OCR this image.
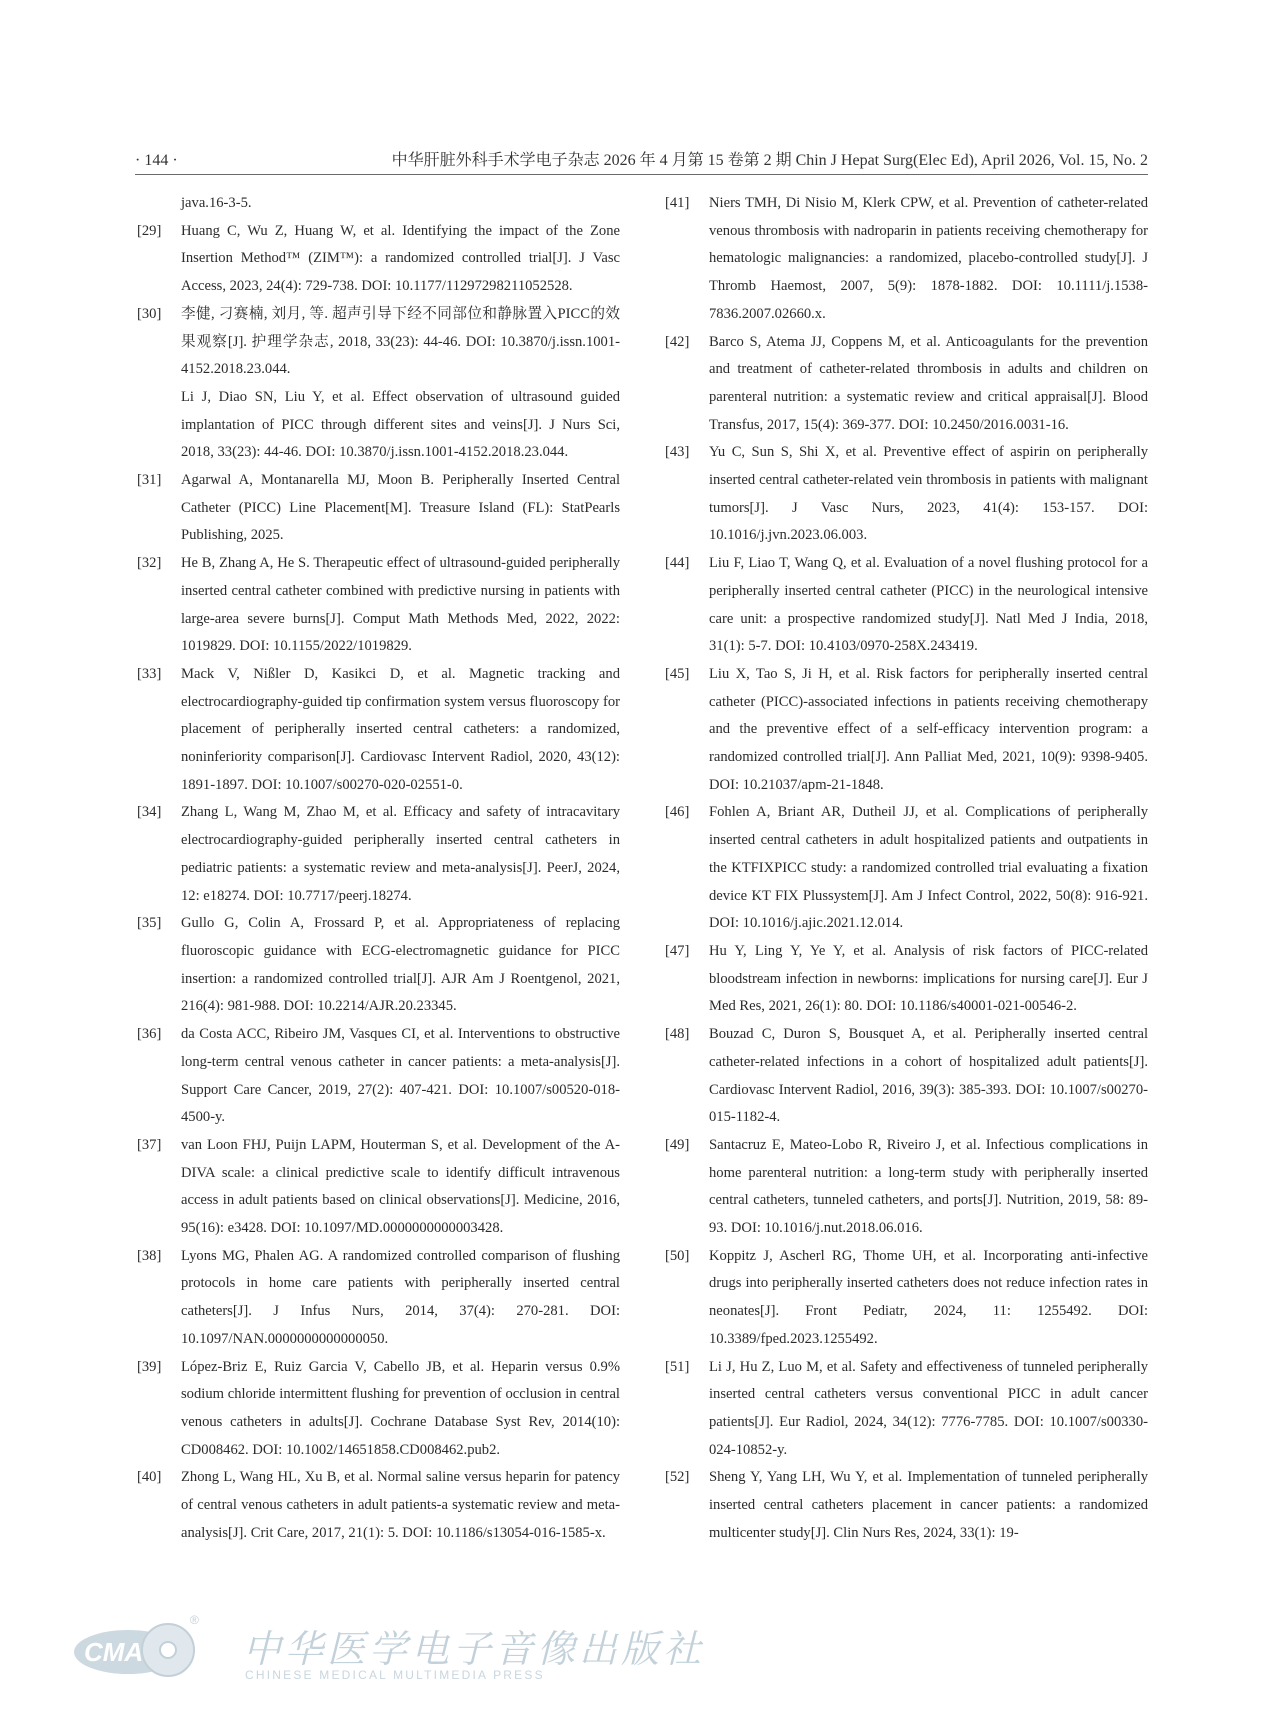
· 144 ·	中华肝脏外科手术学电子杂志 2026 年 4 月第 15 卷第 2 期 Chin J Hepat Surg(Elec Ed), April 2026, Vol. 15, No. 2
java.16-3-5.
[29] Huang C, Wu Z, Huang W, et al. Identifying the impact of the Zone Insertion Method™ (ZIM™): a randomized controlled trial[J]. J Vasc Access, 2023, 24(4): 729-738. DOI: 10.1177/11297298211052528.
[30] 李健, 刁赛楠, 刘月, 等. 超声引导下经不同部位和静脉置入PICC的效果观察[J]. 护理学杂志, 2018, 33(23): 44-46. DOI: 10.3870/j.issn.1001-4152.2018.23.044.
Li J, Diao SN, Liu Y, et al. Effect observation of ultrasound guided implantation of PICC through different sites and veins[J]. J Nurs Sci, 2018, 33(23): 44-46. DOI: 10.3870/j.issn.1001-4152.2018.23.044.
[31] Agarwal A, Montanarella MJ, Moon B. Peripherally Inserted Central Catheter (PICC) Line Placement[M]. Treasure Island (FL): StatPearls Publishing, 2025.
[32] He B, Zhang A, He S. Therapeutic effect of ultrasound-guided peripherally inserted central catheter combined with predictive nursing in patients with large-area severe burns[J]. Comput Math Methods Med, 2022, 2022: 1019829. DOI: 10.1155/2022/1019829.
[33] Mack V, Nißler D, Kasikci D, et al. Magnetic tracking and electrocardiography-guided tip confirmation system versus fluoroscopy for placement of peripherally inserted central catheters: a randomized, noninferiority comparison[J]. Cardiovasc Intervent Radiol, 2020, 43(12): 1891-1897. DOI: 10.1007/s00270-020-02551-0.
[34] Zhang L, Wang M, Zhao M, et al. Efficacy and safety of intracavitary electrocardiography-guided peripherally inserted central catheters in pediatric patients: a systematic review and meta-analysis[J]. PeerJ, 2024, 12: e18274. DOI: 10.7717/peerj.18274.
[35] Gullo G, Colin A, Frossard P, et al. Appropriateness of replacing fluoroscopic guidance with ECG-electromagnetic guidance for PICC insertion: a randomized controlled trial[J]. AJR Am J Roentgenol, 2021, 216(4): 981-988. DOI: 10.2214/AJR.20.23345.
[36] da Costa ACC, Ribeiro JM, Vasques CI, et al. Interventions to obstructive long-term central venous catheter in cancer patients: a meta-analysis[J]. Support Care Cancer, 2019, 27(2): 407-421. DOI: 10.1007/s00520-018-4500-y.
[37] van Loon FHJ, Puijn LAPM, Houterman S, et al. Development of the A-DIVA scale: a clinical predictive scale to identify difficult intravenous access in adult patients based on clinical observations[J]. Medicine, 2016, 95(16): e3428. DOI: 10.1097/MD.0000000000003428.
[38] Lyons MG, Phalen AG. A randomized controlled comparison of flushing protocols in home care patients with peripherally inserted central catheters[J]. J Infus Nurs, 2014, 37(4): 270-281. DOI: 10.1097/NAN.0000000000000050.
[39] López-Briz E, Ruiz Garcia V, Cabello JB, et al. Heparin versus 0.9% sodium chloride intermittent flushing for prevention of occlusion in central venous catheters in adults[J]. Cochrane Database Syst Rev, 2014(10): CD008462. DOI: 10.1002/14651858.CD008462.pub2.
[40] Zhong L, Wang HL, Xu B, et al. Normal saline versus heparin for patency of central venous catheters in adult patients-a systematic review and meta-analysis[J]. Crit Care, 2017, 21(1): 5. DOI: 10.1186/s13054-016-1585-x.
[41] Niers TMH, Di Nisio M, Klerk CPW, et al. Prevention of catheter-related venous thrombosis with nadroparin in patients receiving chemotherapy for hematologic malignancies: a randomized, placebo-controlled study[J]. J Thromb Haemost, 2007, 5(9): 1878-1882. DOI: 10.1111/j.1538-7836.2007.02660.x.
[42] Barco S, Atema JJ, Coppens M, et al. Anticoagulants for the prevention and treatment of catheter-related thrombosis in adults and children on parenteral nutrition: a systematic review and critical appraisal[J]. Blood Transfus, 2017, 15(4): 369-377. DOI: 10.2450/2016.0031-16.
[43] Yu C, Sun S, Shi X, et al. Preventive effect of aspirin on peripherally inserted central catheter-related vein thrombosis in patients with malignant tumors[J]. J Vasc Nurs, 2023, 41(4): 153-157. DOI: 10.1016/j.jvn.2023.06.003.
[44] Liu F, Liao T, Wang Q, et al. Evaluation of a novel flushing protocol for a peripherally inserted central catheter (PICC) in the neurological intensive care unit: a prospective randomized study[J]. Natl Med J India, 2018, 31(1): 5-7. DOI: 10.4103/0970-258X.243419.
[45] Liu X, Tao S, Ji H, et al. Risk factors for peripherally inserted central catheter (PICC)-associated infections in patients receiving chemotherapy and the preventive effect of a self-efficacy intervention program: a randomized controlled trial[J]. Ann Palliat Med, 2021, 10(9): 9398-9405. DOI: 10.21037/apm-21-1848.
[46] Fohlen A, Briant AR, Dutheil JJ, et al. Complications of peripherally inserted central catheters in adult hospitalized patients and outpatients in the KTFIXPICC study: a randomized controlled trial evaluating a fixation device KT FIX Plussystem[J]. Am J Infect Control, 2022, 50(8): 916-921. DOI: 10.1016/j.ajic.2021.12.014.
[47] Hu Y, Ling Y, Ye Y, et al. Analysis of risk factors of PICC-related bloodstream infection in newborns: implications for nursing care[J]. Eur J Med Res, 2021, 26(1): 80. DOI: 10.1186/s40001-021-00546-2.
[48] Bouzad C, Duron S, Bousquet A, et al. Peripherally inserted central catheter-related infections in a cohort of hospitalized adult patients[J]. Cardiovasc Intervent Radiol, 2016, 39(3): 385-393. DOI: 10.1007/s00270-015-1182-4.
[49] Santacruz E, Mateo-Lobo R, Riveiro J, et al. Infectious complications in home parenteral nutrition: a long-term study with peripherally inserted central catheters, tunneled catheters, and ports[J]. Nutrition, 2019, 58: 89-93. DOI: 10.1016/j.nut.2018.06.016.
[50] Koppitz J, Ascherl RG, Thome UH, et al. Incorporating anti-infective drugs into peripherally inserted catheters does not reduce infection rates in neonates[J]. Front Pediatr, 2024, 11: 1255492. DOI: 10.3389/fped.2023.1255492.
[51] Li J, Hu Z, Luo M, et al. Safety and effectiveness of tunneled peripherally inserted central catheters versus conventional PICC in adult cancer patients[J]. Eur Radiol, 2024, 34(12): 7776-7785. DOI: 10.1007/s00330-024-10852-y.
[52] Sheng Y, Yang LH, Wu Y, et al. Implementation of tunneled peripherally inserted central catheters placement in cancer patients: a randomized multicenter study[J]. Clin Nurs Res, 2024, 33(1): 19-
CMA
®
中华医学电子音像出版社
CHINESE MEDICAL MULTIMEDIA PRESS
